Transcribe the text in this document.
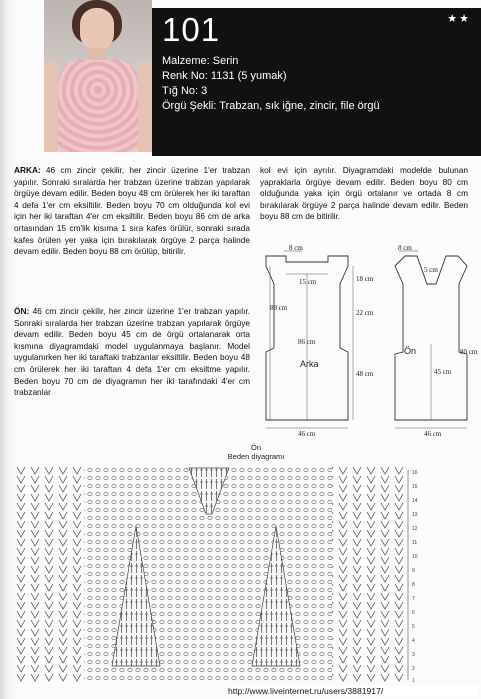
101	★★
Malzeme: Serin
Renk No: 1131 (5 yumak)
Tığ No: 3
Örgü Şekli: Trabzan, sık iğne, zincir, file örgü
ARKA: 46 cm zincir çekilir, her zincir üzerine 1'er trabzan yapılır. Sonraki sıralarda her trabzan üzerine trabzan yapılarak örgüye devam edilir. Beden boyu 48 cm örülerek her iki taraftan 4 defa 1'er cm eksiltilir. Beden boyu 70 cm olduğunda kol evi için her iki taraftan 4'er cm eksiltilir. Beden boyu 86 cm de arka ortasından 15 cm'lik kısıma 1 sıra kafes örülür, sonraki sırada kafes örülen yer yaka için bırakılarak örgüye 2 parça halinde devam edilir. Beden boyu 88 cm örülüp, bitirilir.
ÖN: 46 cm zincir çekilir, her zincir üzerine 1'er trabzan yapılır. Sonraki sıralarda her trabzan üzerine trabzan yapılarak örgüye devam edilir. Beden boyu 45 cm de örgü ortalanarak orta kısmına diyagramdaki model uygulanmaya başlanır. Model uygulanırken her iki taraftaki trabzanlar eksiltilir. Beden boyu 48 cm örülerek her iki taraftan 4 defa 1'er cm eksiltme yapılır. Beden boyu 70 cm de diyagramın her iki tarafındaki 4'er cm trabzanlar
kol evi için ayrılır. Diyagramdaki modelde bulunan yapraklarla örgüye devam edilir. Beden boyu 80 cm olduğunda yaka için örgü ortalanır ve ortada 8 cm bırakılarak örgüye 2 parça halinde devam edilir. Beden boyu 88 cm de bitirilir.
8 cm
15 cm	18 cm
22 cm
88 cm
86 cm
Arka
48 cm
46 cm
8 cm
5 cm
80 cm
Ön
45 cm
46 cm
Ön
Beden diyagramı
16
15
14
13
12
11
10
9
8
7
6
5
4
3
2
1
http://www.liveinternet.ru/users/3881917/
